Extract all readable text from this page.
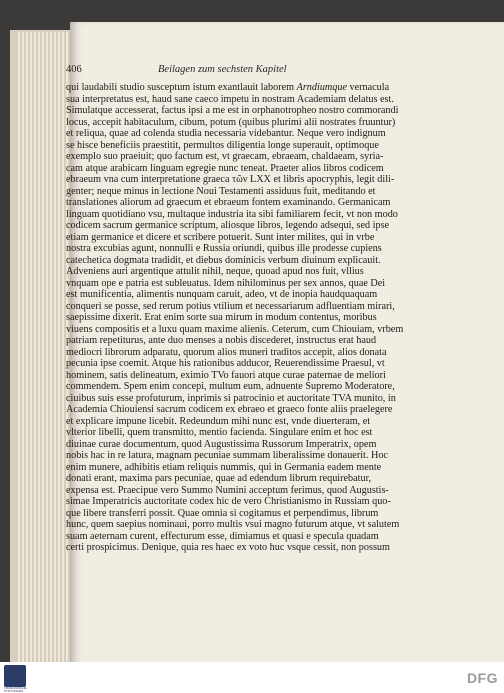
406	Beilagen zum sechsten Kapitel

qui laudabili studio susceptum istum exantlauit laborem Arndiumque vernacula

sua interpretatus est, haud sane caeco impetu in nostram Academiam delatus est.

Simulatque accesserat, factus ipsi a me est in orphanotropheo nostro commorandi

locus, accepit habitaculum, cibum, potum (quibus plurimi alii nostrates fruuntur)

et reliqua, quae ad colenda studia necessaria videbantur. Neque vero indignum

se hisce beneficiis praestitit, permultos diligentia longe superauit, optimoque

exemplo suo praeiuit; quo factum est, vt graecam, ebraeam, chaldaeam, syria-

cam atque arabicam linguam egregie nunc teneat. Praeter alios libros codicem

ebraeum vna cum interpretatione graeca τῶν LXX et libris apocryphis, legit dili-

genter; neque minus in lectione Noui Testamenti assiduus fuit, meditando et

translationes aliorum ad graecum et ebraeum fontem examinando. Germanicam

linguam quotidiano vsu, multaque industria ita sibi familiarem fecit, vt non modo

codicem sacrum germanice scriptum, aliosque libros, legendo adsequi, sed ipse

etiam germanice et dicere et scribere potuerit. Sunt inter milites, qui in vrbe

nostra excubias agunt, nonnulli e Russia oriundi, quibus ille prodesse cupiens

catechetica dogmata tradidit, et diebus dominicis verbum diuinum explicauit.

Adveniens auri argentique attulit nihil, neque, quoad apud nos fuit, vllius

vnquam ope e patria est subleuatus. Idem nihilominus per sex annos, quae Dei

est munificentia, alimentis nunquam caruit, adeo, vt de inopia haudquaquam

conqueri se posse, sed rerum potius vtilium et necessariarum adfluentiam mirari,

saepissime dixerit. Erat enim sorte sua mirum in modum contentus, moribus

viuens compositis et a luxu quam maxime alienis. Ceterum, cum Chiouiam, vrbem

patriam repetiturus, ante duo menses a nobis discederet, instructus erat haud

mediocri librorum adparatu, quorum alios muneri traditos accepit, alios donata

pecunia ipse coemit. Atque his rationibus adducor, Reuerendissime Praesul, vt

hominem, satis delineatum, eximio TVo fauori atque curae paternae de meliori

commendem. Spem enim concepi, multum eum, adnuente Supremo Moderatore,

ciuibus suis esse profuturum, inprimis si patrocinio et auctoritate TVA munito, in

Academia Chiouiensi sacrum codicem ex ebraeo et graeco fonte aliis praelegere

et explicare impune licebit. Redeundum mihi nunc est, vnde diuerteram, et

vlterior libelli, quem transmitto, mentio facienda. Singulare enim et hoc est

diuinae curae documentum, quod Augustissima Russorum Imperatrix, opem

nobis hac in re latura, magnam pecuniae summam liberalissime donauerit. Hoc

enim munere, adhibitis etiam reliquis nummis, qui in Germania eadem mente

donati erant, maxima pars pecuniae, quae ad edendum librum requirebatur,

expensa est. Praecipue vero Summo Numini acceptum ferimus, quod Augustis-

simae Imperatricis auctoritate codex hic de vero Christianismo in Russiam quo-

que libere transferri possit. Quae omnia si cogitamus et perpendimus, librum

hunc, quem saepius nominaui, porro multis vsui magno futurum atque, vt salutem

suam aeternam curent, effecturum esse, dimiamus et quasi e specula quadam

certi prospicimus. Denique, quia res haec ex voto huc vsque cessit, non possum

FRANCKESCHE STIFTUNGEN
DFG
